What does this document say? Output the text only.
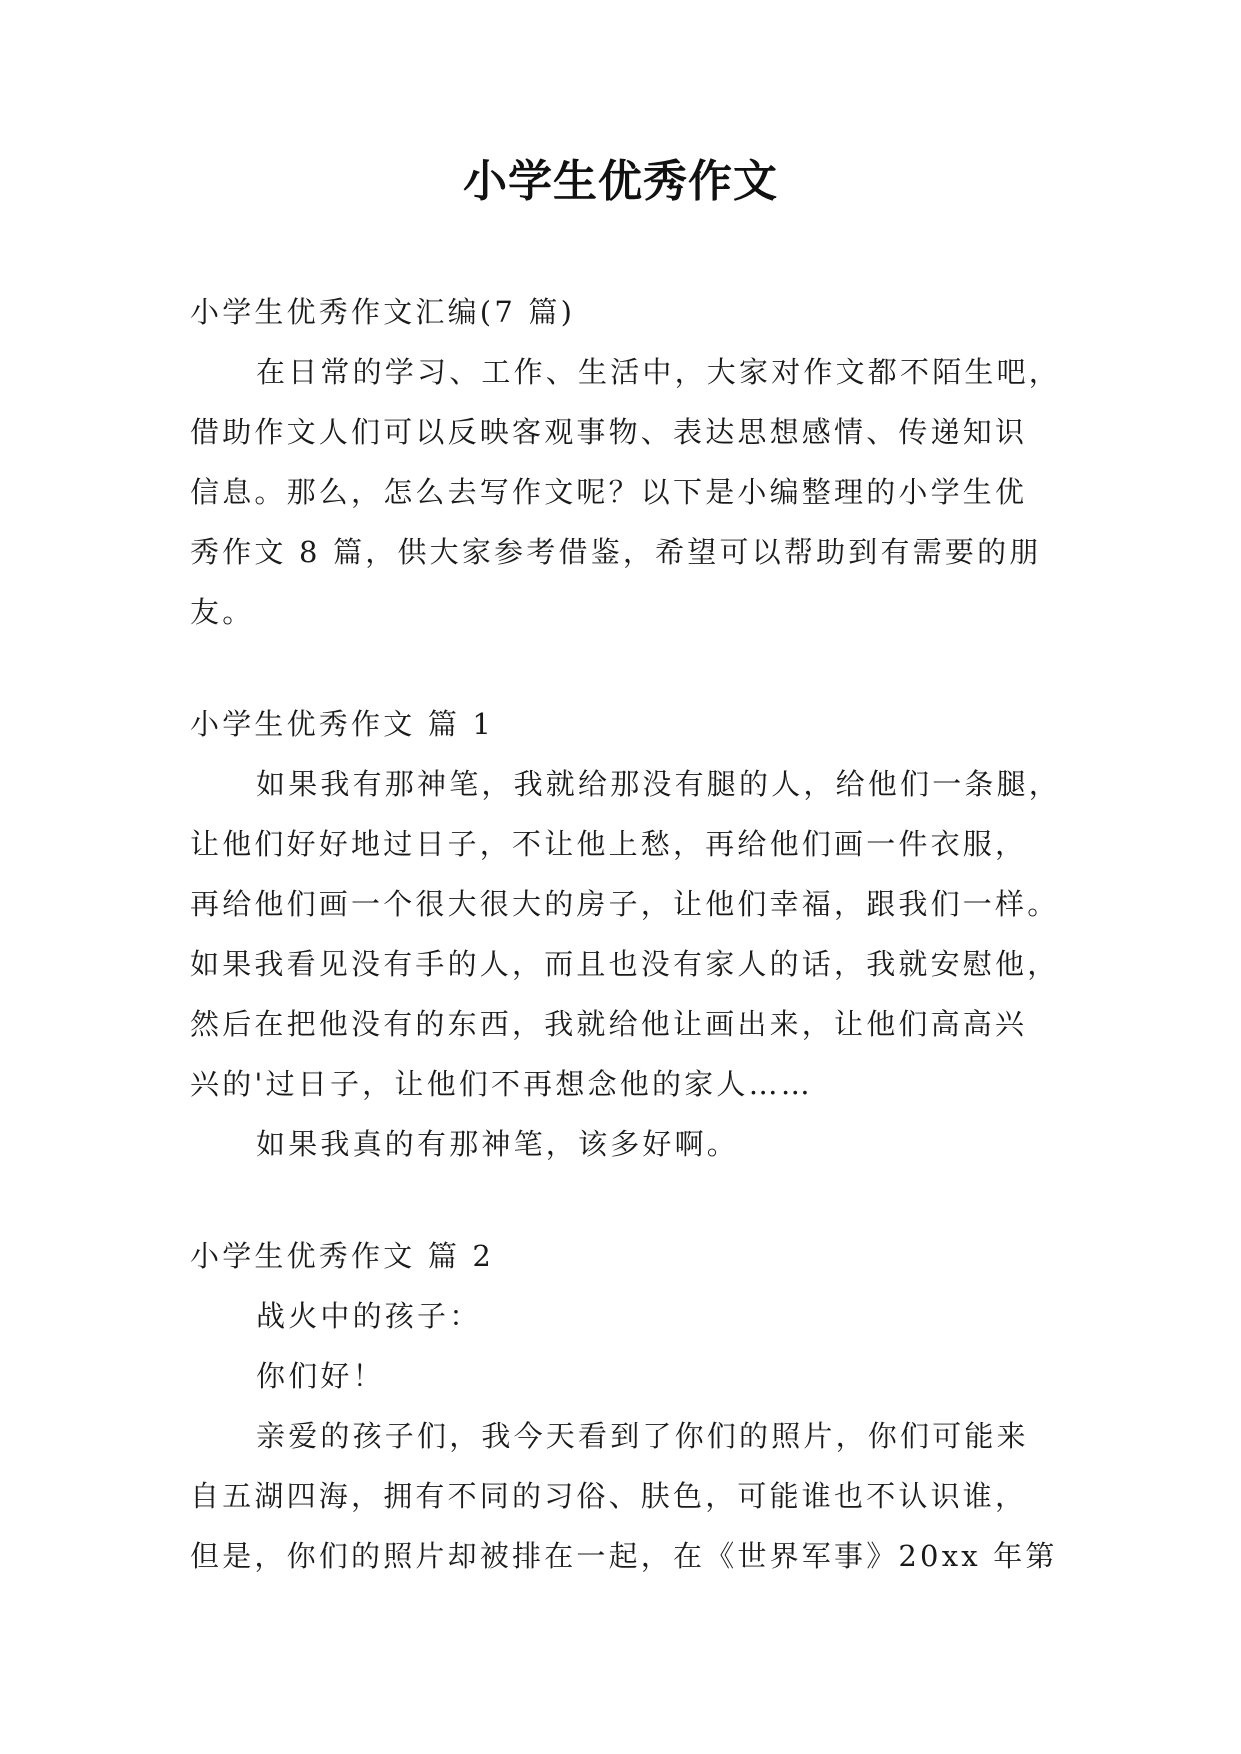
小学生优秀作文
小学生优秀作文汇编(7 篇)
在日常的学习、工作、生活中，大家对作文都不陌生吧，
借助作文人们可以反映客观事物、表达思想感情、传递知识
信息。那么，怎么去写作文呢？以下是小编整理的小学生优
秀作文 8 篇，供大家参考借鉴，希望可以帮助到有需要的朋
友。
小学生优秀作文 篇 1
如果我有那神笔，我就给那没有腿的人，给他们一条腿，
让他们好好地过日子，不让他上愁，再给他们画一件衣服，
再给他们画一个很大很大的房子，让他们幸福，跟我们一样。
如果我看见没有手的人，而且也没有家人的话，我就安慰他，
然后在把他没有的东西，我就给他让画出来，让他们高高兴
兴的'过日子，让他们不再想念他的家人……
如果我真的有那神笔，该多好啊。
小学生优秀作文 篇 2
战火中的孩子：
你们好！
亲爱的孩子们，我今天看到了你们的照片，你们可能来
自五湖四海，拥有不同的习俗、肤色，可能谁也不认识谁，
但是，你们的照片却被排在一起，在《世界军事》20xx 年第
